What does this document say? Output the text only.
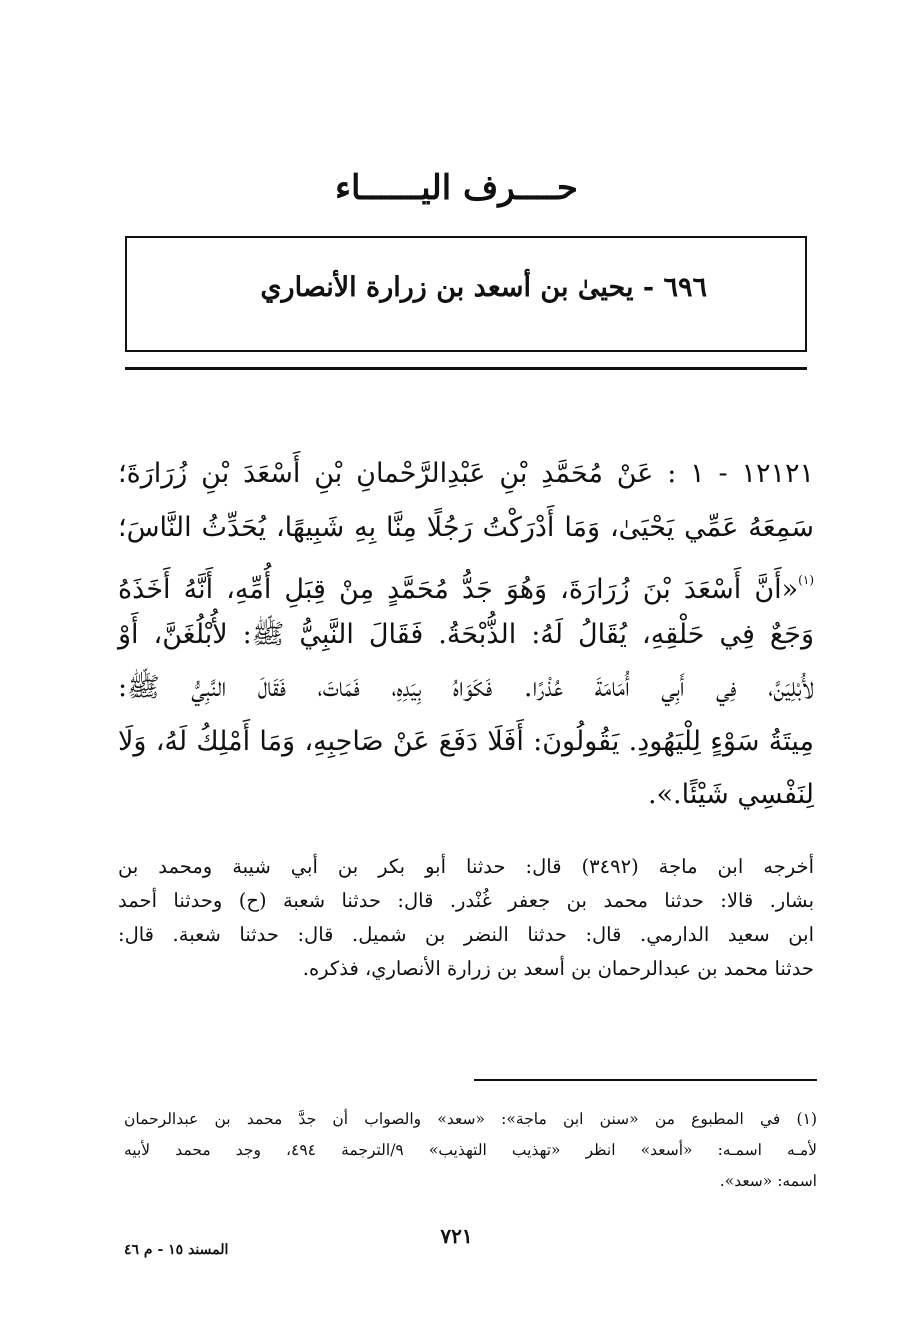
حــــرف اليــــــاء
٦٩٦ - يحيىٰ بن أسعد بن زرارة الأنصاري
١٢١٢١ - ١ : عَنْ مُحَمَّدِ بْنِ عَبْدِالرَّحْمانِ بْنِ أَسْعَدَ بْنِ زُرَارَةَ؛
سَمِعَهُ عَمِّي يَحْيَىٰ، وَمَا أَدْرَكْتُ رَجُلًا مِنَّا بِهِ شَبِيهًا، يُحَدِّثُ النَّاسَ؛
$^{(١)}$«أَنَّ أَسْعَدَ بْنَ زُرَارَةَ، وَهُوَ جَدُّ مُحَمَّدٍ مِنْ قِبَلِ أُمِّهِ، أَنَّهُ أَخَذَهُ
وَجَعٌ فِي حَلْقِهِ، يُقَالُ لَهُ: الذُّبْحَةُ. فَقَالَ النَّبِيُّ ﷺ: لأُبْلُغَنَّ، أَوْ
لأُبْلِيَنَّ، فِي أَبِي أُمَامَةَ عُذْرًا. فَكَوَاهُ بِيَدِهِ، فَمَاتَ، فَقَالَ النَّبِيُّ ﷺ:
مِيتَةُ سَوْءٍ لِلْيَهُودِ. يَقُولُونَ: أَفَلَا دَفَعَ عَنْ صَاحِبِهِ، وَمَا أَمْلِكُ لَهُ، وَلَا
لِنَفْسِي شَيْئًا.».
أخرجه ابن ماجة (٣٤٩٢) قال: حدثنا أبو بكر بن أبي شيبة ومحمد بن
بشار. قالا: حدثنا محمد بن جعفر غُنْدر. قال: حدثنا شعبة (ح) وحدثنا أحمد
ابن سعيد الدارمي. قال: حدثنا النضر بن شميل. قال: حدثنا شعبة. قال:
حدثنا محمد بن عبدالرحمان بن أسعد بن زرارة الأنصاري، فذكره.
(١) في المطبوع من «سنن ابن ماجة»: «سعد» والصواب أن جدَّ محمد بن عبدالرحمان
لأمـه اسمـه: «أسعد» انظر «تهذيب التهذيب» ٩/الترجمة ٤٩٤، وجد محمد لأبيه
اسمه: «سعد».
٧٢١
المسند ١٥ - م ٤٦
